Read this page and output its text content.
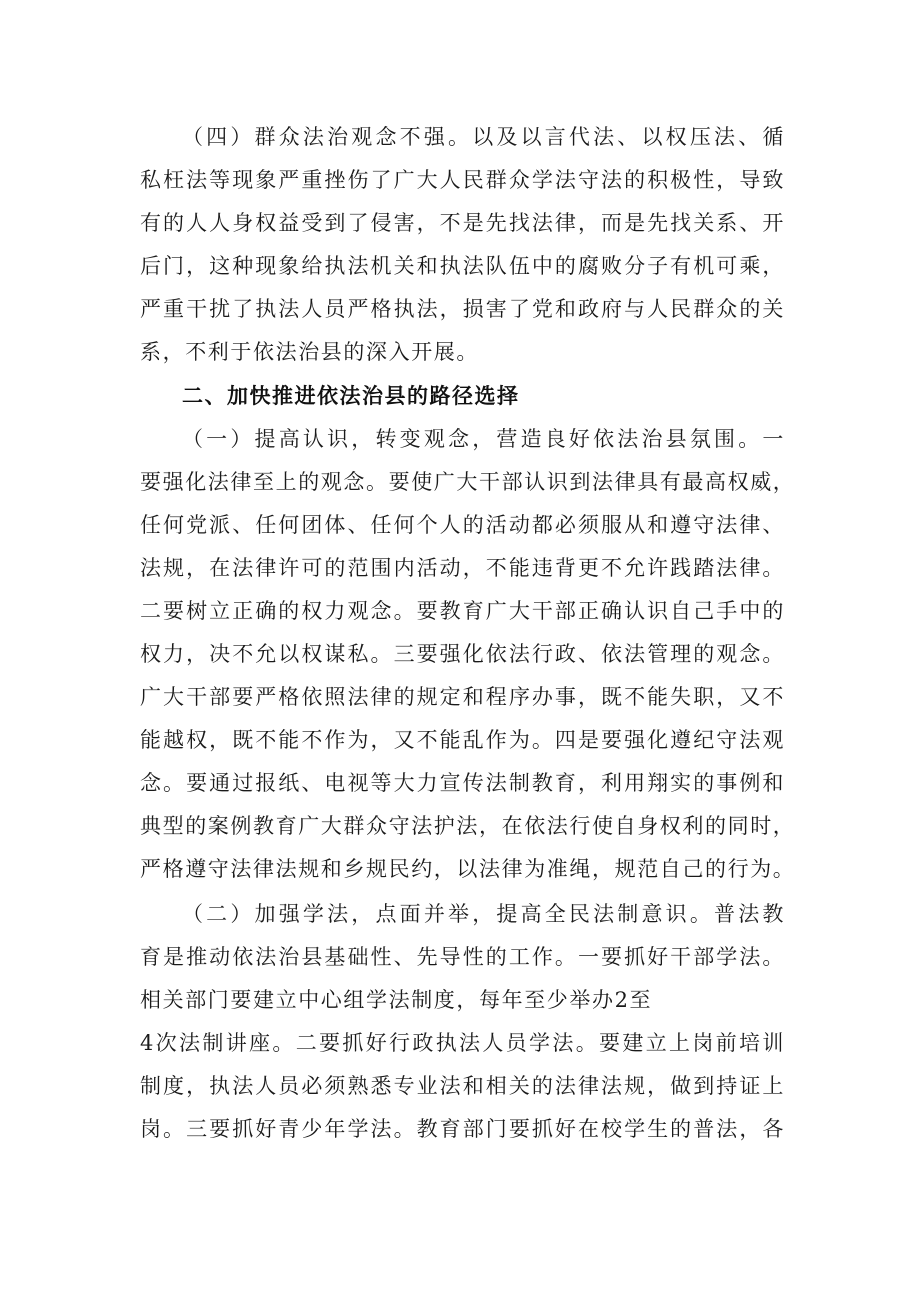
（四）群众法治观念不强。以及以言代法、以权压法、循
私枉法等现象严重挫伤了广大人民群众学法守法的积极性，导致
有的人人身权益受到了侵害，不是先找法律，而是先找关系、开
后门，这种现象给执法机关和执法队伍中的腐败分子有机可乘，
严重干扰了执法人员严格执法，损害了党和政府与人民群众的关
系，不利于依法治县的深入开展。
二、加快推进依法治县的路径选择
（一）提高认识，转变观念，营造良好依法治县氛围。一
要强化法律至上的观念。要使广大干部认识到法律具有最高权威，
任何党派、任何团体、任何个人的活动都必须服从和遵守法律、
法规，在法律许可的范围内活动，不能违背更不允许践踏法律。
二要树立正确的权力观念。要教育广大干部正确认识自己手中的
权力，决不允以权谋私。三要强化依法行政、依法管理的观念。
广大干部要严格依照法律的规定和程序办事，既不能失职，又不
能越权，既不能不作为，又不能乱作为。四是要强化遵纪守法观
念。要通过报纸、电视等大力宣传法制教育，利用翔实的事例和
典型的案例教育广大群众守法护法，在依法行使自身权利的同时，
严格遵守法律法规和乡规民约，以法律为准绳，规范自己的行为。
（二）加强学法，点面并举，提高全民法制意识。普法教
育是推动依法治县基础性、先导性的工作。一要抓好干部学法。
相关部门要建立中心组学法制度，每年至少举办2至
4次法制讲座。二要抓好行政执法人员学法。要建立上岗前培训
制度，执法人员必须熟悉专业法和相关的法律法规，做到持证上
岗。三要抓好青少年学法。教育部门要抓好在校学生的普法，各
